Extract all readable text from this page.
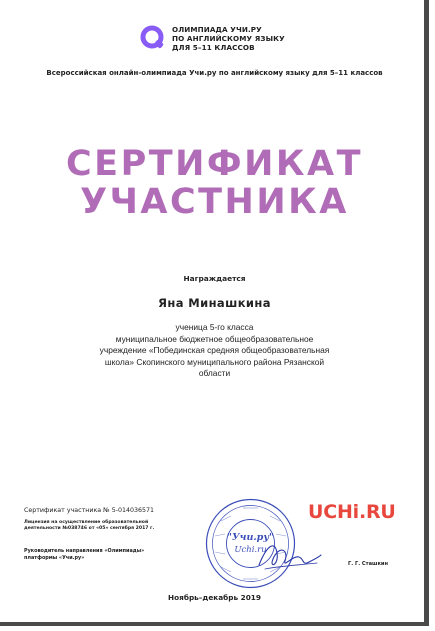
ОЛИМПИАДА УЧИ.РУ
ПО АНГЛИЙСКОМУ ЯЗЫКУ
ДЛЯ 5–11 КЛАССОВ
Всероссийская онлайн-олимпиада Учи.ру по английскому языку для 5–11 классов
СЕРТИФИКАТ
УЧАСТНИКА
Награждается
Яна Минашкина
ученица 5-го класса
муниципальное бюджетное общеобразовательное
учреждение «Побединская средняя общеобразовательная
школа» Скопинского муниципального района Рязанской
области
Сертификат участника № 5-014036571
Лицензия на осуществление образовательной
деятельности №038746 от «05» сентября 2017 г.
Руководитель направления «Олимпиады»
платформы «Учи.ру»
"Учи.ру"
Uchi.ru
Г. Г. Сташкин
UCHi.RU
Ноябрь–декабрь 2019
